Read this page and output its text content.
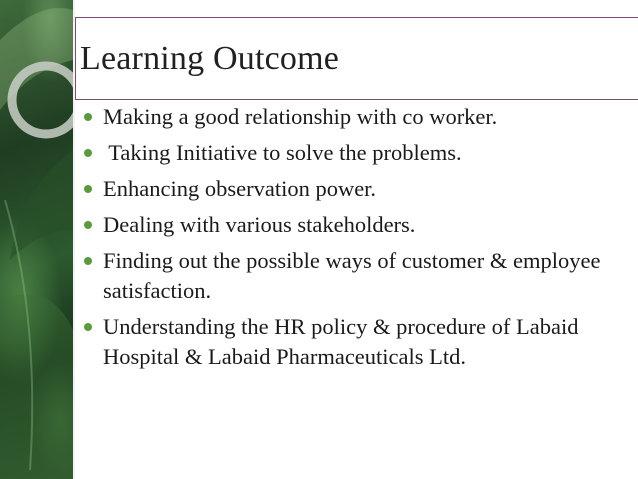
Learning Outcome
Making a good relationship with co worker.
Taking Initiative to solve the problems.
Enhancing observation power.
Dealing with various stakeholders.
Finding out the possible ways of customer & employee satisfaction.
Understanding the HR policy & procedure of Labaid Hospital & Labaid Pharmaceuticals Ltd.
